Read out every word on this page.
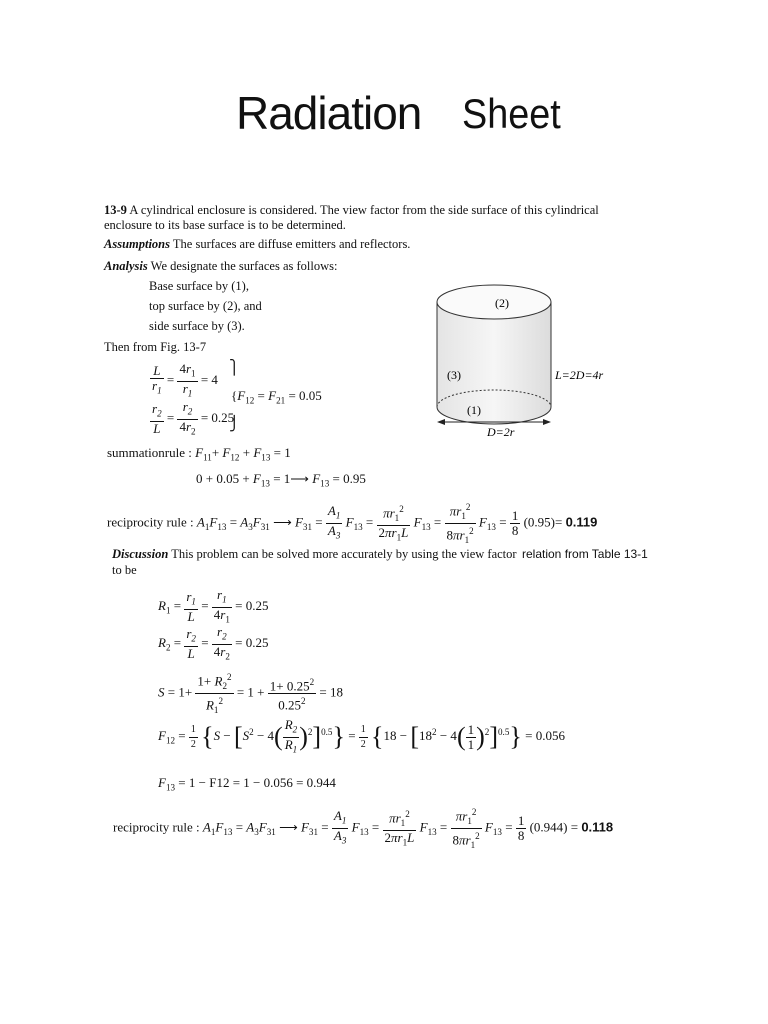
Radiation Sheet
13-9 A cylindrical enclosure is considered. The view factor from the side surface of this cylindrical
enclosure to its base surface is to be determined.
Assumptions The surfaces are diffuse emitters and reflectors.
Analysis We designate the surfaces as follows:
Base surface by (1),
top surface by (2), and
side surface by (3).
Then from Fig. 13-7
(2)
(3)
(1)
L=2D=4r
D=2r
$\frac{L}{r_1} = \frac{4r_1}{r_1} = 4$
⎫
$\frac{r_2}{L} = \frac{r_2}{4r_2} = 0.25$
⎭
{$F_{12} = F_{21} = 0.05$
summationrule : $F_{11}+ F_{12} + F_{13} = 1$
$0 + 0.05 + F_{13}$ = 1⟶ $F_{13} = 0.95$
reciprocity rule : $A_1F_{13} = A_3F_{31}$ ⟶ $F_{31} = \frac{A_1}{A_3} F_{13} = \frac{\pi r_1^2}{2\pi r_1L} F_{13} = \frac{\pi r_1^2}{8\pi r_1^2} F_{13} = \frac{1}{8} (0.95)= 0.119$
Discussion This problem can be solved more accurately by using the view factor relation from Table 13-1
to be
$R_1 = \frac{r_1}{L} = \frac{r_1}{4r_1} = 0.25$
$R_2 = \frac{r_2}{L} = \frac{r_2}{4r_2} = 0.25$
$S = 1+ \frac{1+ R_2^2}{R_1^2} = 1 + \frac{1+ 0.25^2}{0.25^2} = 18$
$F_{12} = \frac{1}{2} \{S - [S^2 - 4( \frac{R_2}{R_1} )^2]^{0.5}\} = \frac{1}{2} \{18 - [18^2 - 4( \frac{1}{1} )^2]^{0.5}\} = 0.056$
$F_{13} = 1 - F12 = 1 - 0.056 = 0.944$
reciprocity rule : $A_1F_{13} = A_3F_{31}$ ⟶ $F_{31} = \frac{A_1}{A_3} F_{13} = \frac{\pi r_1^2}{2\pi r_1L} F_{13} = \frac{\pi r_1^2}{8\pi r_1^2} F_{13} = \frac{1}{8} (0.944) = 0.118$
